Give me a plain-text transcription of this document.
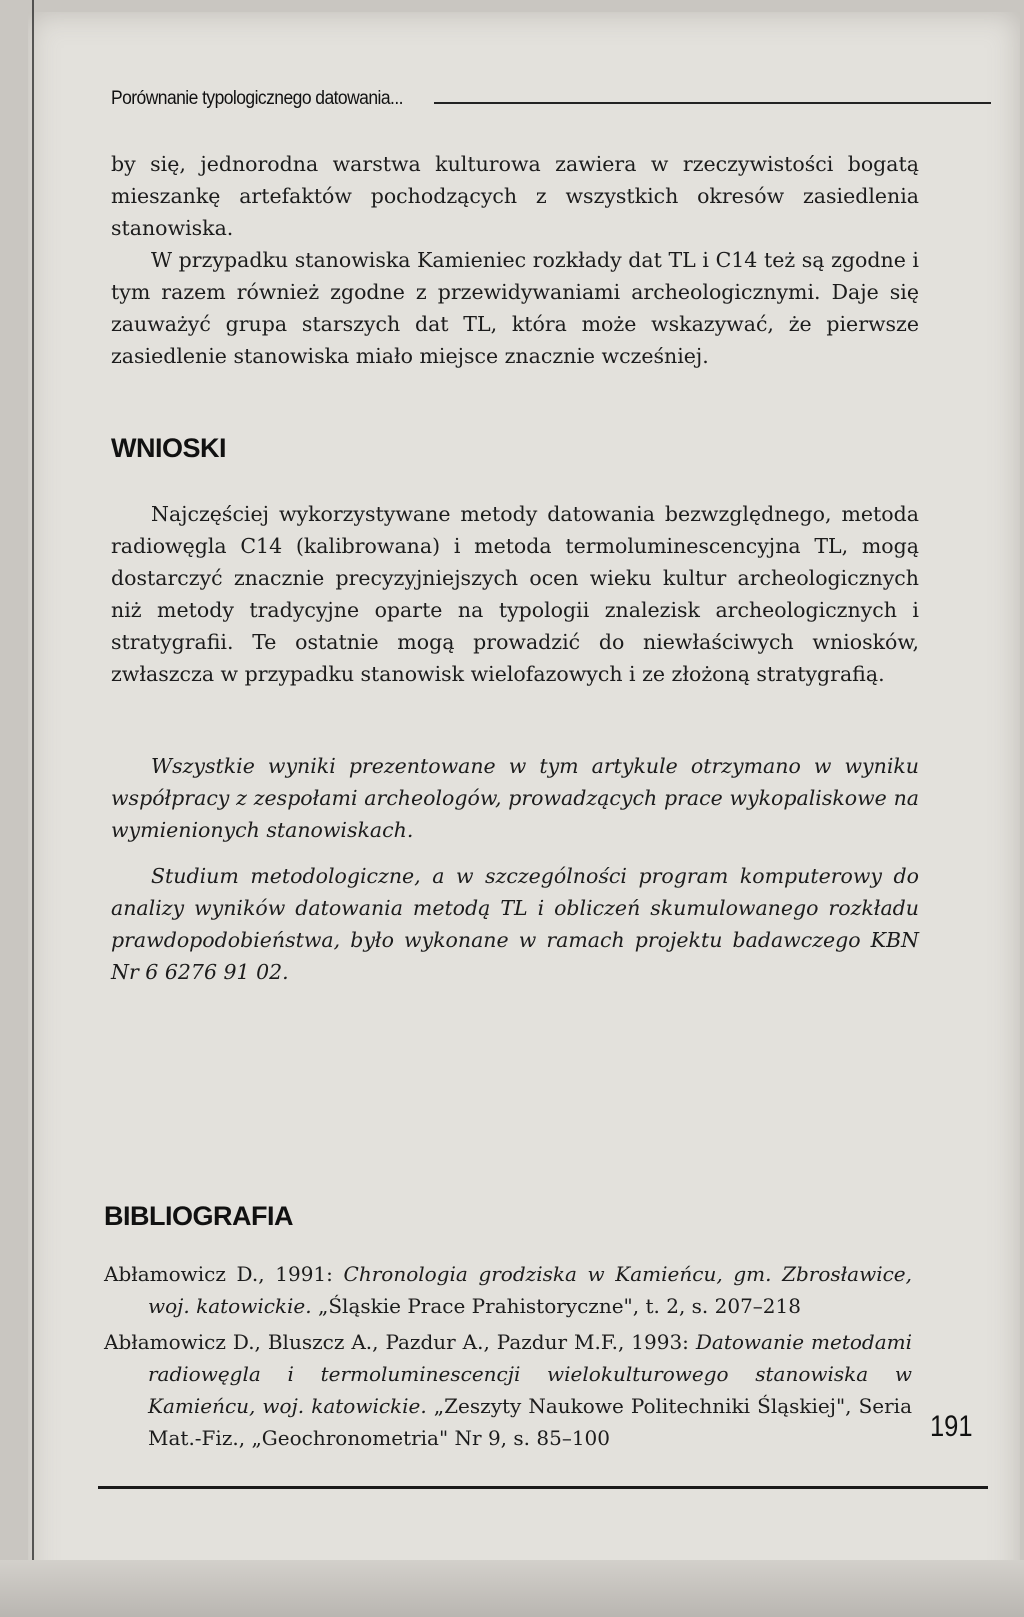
Porównanie typologicznego datowania...

by się, jednorodna warstwa kulturowa zawiera w rzeczywistości bogatą mieszankę artefaktów pochodzących z wszystkich okresów zasiedlenia stanowiska.

W przypadku stanowiska Kamieniec rozkłady dat TL i C14 też są zgodne i tym razem również zgodne z przewidywaniami archeologicznymi. Daje się zauważyć grupa starszych dat TL, która może wskazywać, że pierwsze zasiedlenie stanowiska miało miejsce znacznie wcześniej.

WNIOSKI

Najczęściej wykorzystywane metody datowania bezwzględnego, metoda radiowęgla C14 (kalibrowana) i metoda termoluminescencyjna TL, mogą dostarczyć znacznie precyzyjniejszych ocen wieku kultur archeologicznych niż metody tradycyjne oparte na typologii znalezisk archeologicznych i stratygrafii. Te ostatnie mogą prowadzić do niewłaściwych wniosków, zwłaszcza w przypadku stanowisk wielofazowych i ze złożoną stratygrafią.

Wszystkie wyniki prezentowane w tym artykule otrzymano w wyniku współpracy z zespołami archeologów, prowadzących prace wykopaliskowe na wymienionych stanowiskach.

Studium metodologiczne, a w szczególności program komputerowy do analizy wyników datowania metodą TL i obliczeń skumulowanego rozkładu prawdopodobieństwa, było wykonane w ramach projektu badawczego KBN Nr 6 6276 91 02.

BIBLIOGRAFIA

Abłamowicz D., 1991: Chronologia grodziska w Kamieńcu, gm. Zbrosławice, woj. katowickie. „Śląskie Prace Prahistoryczne", t. 2, s. 207–218

Abłamowicz D., Bluszcz A., Pazdur A., Pazdur M.F., 1993: Datowanie metodami radiowęgla i termoluminescencji wielokulturowego stanowiska w Kamieńcu, woj. katowickie. „Zeszyty Naukowe Politechniki Śląskiej", Seria Mat.-Fiz., „Geochronometria" Nr 9, s. 85–100	191
